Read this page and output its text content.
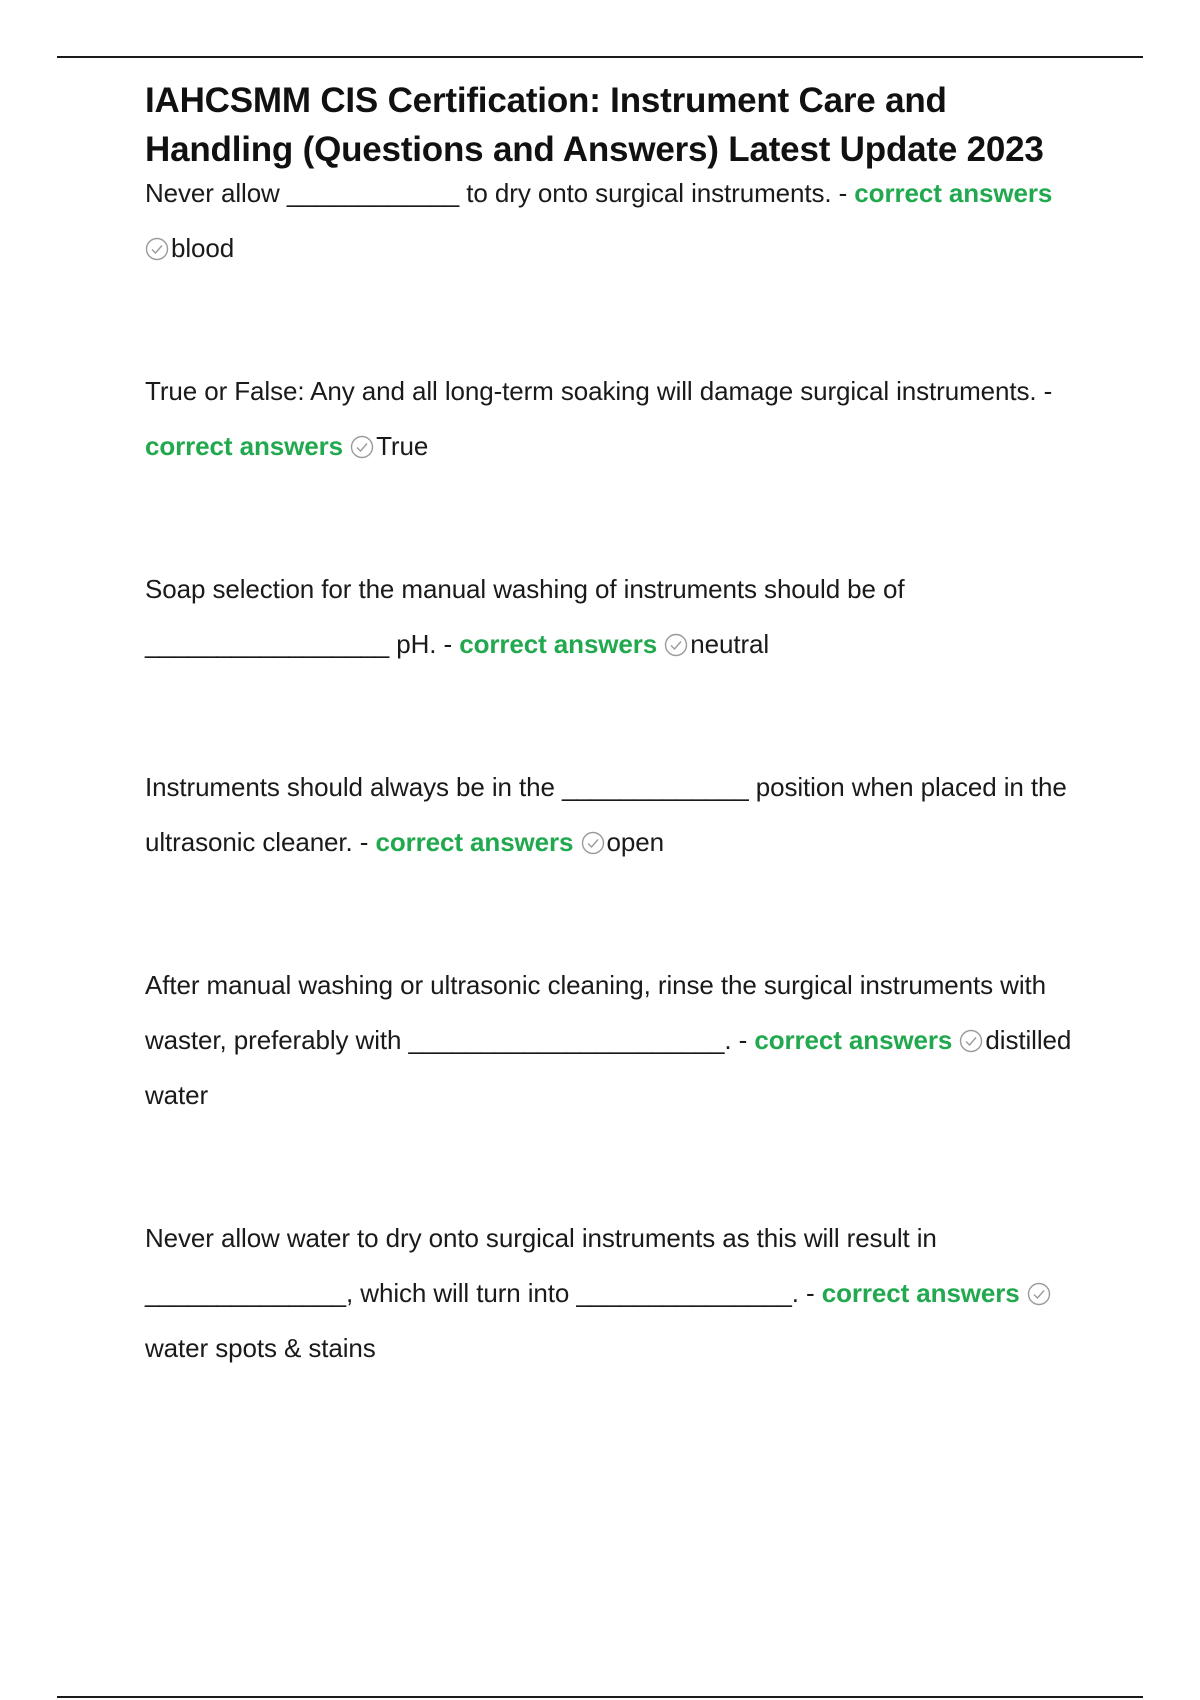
IAHCSMM CIS Certification: Instrument Care and Handling (Questions and Answers) Latest Update 2023

Never allow ____________ to dry onto surgical instruments. - correct answers
blood

True or False: Any and all long-term soaking will damage surgical instruments. - correct answers True

Soap selection for the manual washing of instruments should be of _________________ pH. - correct answers neutral

Instruments should always be in the _____________ position when placed in the ultrasonic cleaner. - correct answers open

After manual washing or ultrasonic cleaning, rinse the surgical instruments with waster, preferably with ______________________. - correct answers distilled water

Never allow water to dry onto surgical instruments as this will result in ______________, which will turn into _______________. - correct answers
water spots & stains
